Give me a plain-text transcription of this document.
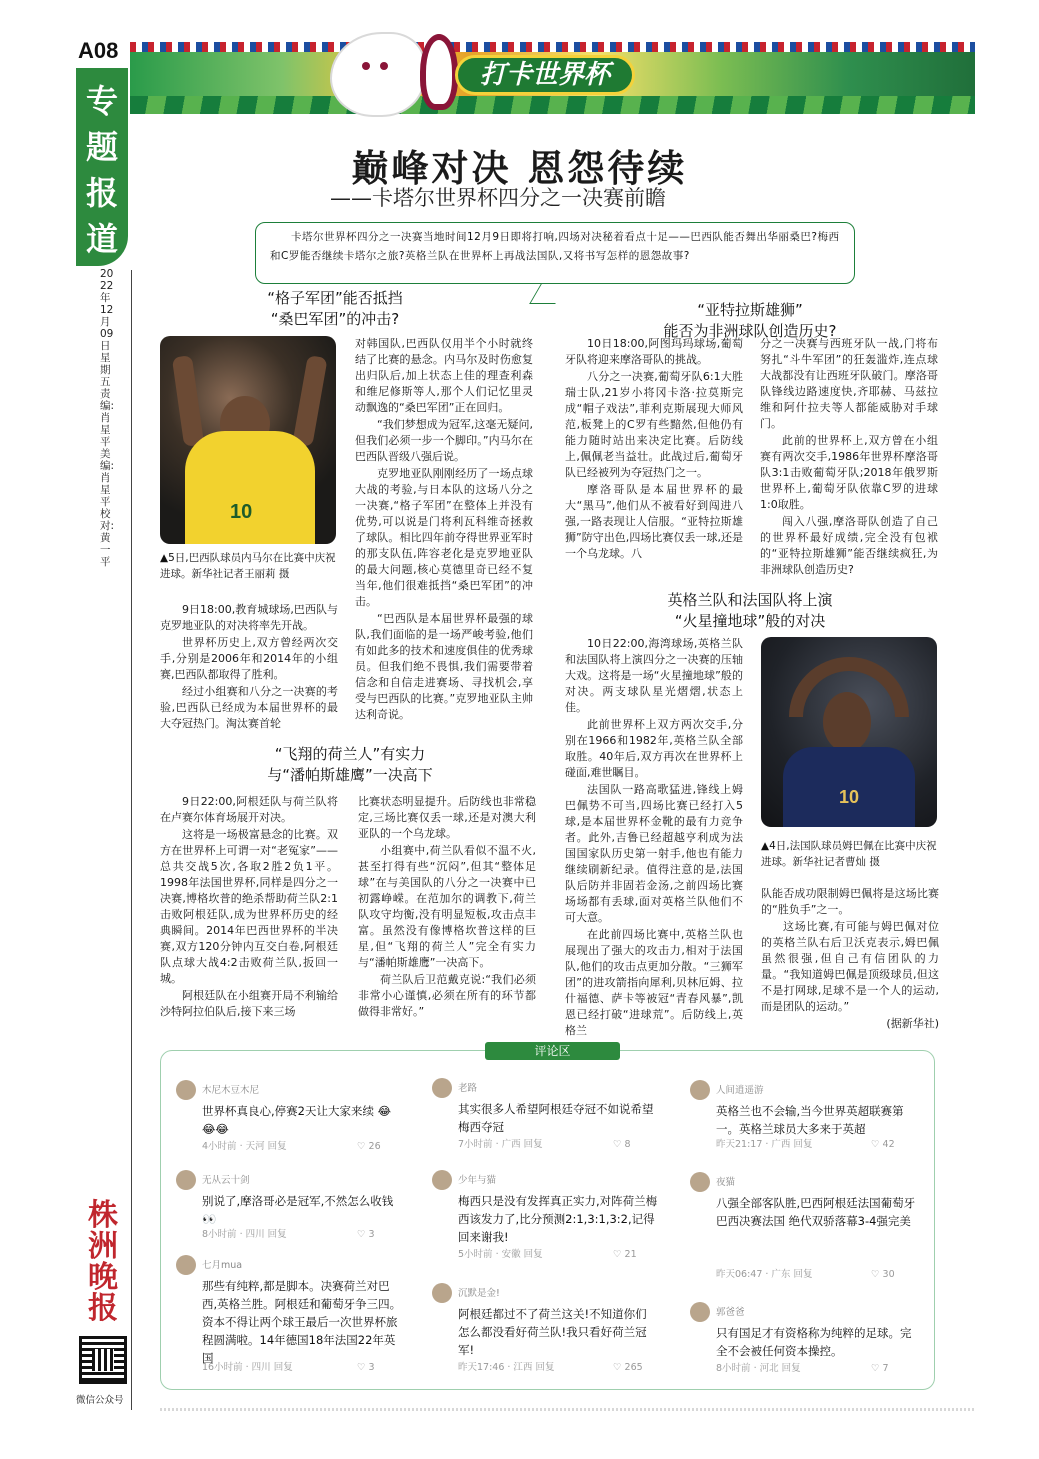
A08
专
题
报
道
2022年12月09日 星期五 责编:肖星平 美编:肖星平 校对:黄一平
打卡世界杯
巅峰对决 恩怨待续
——卡塔尔世界杯四分之一决赛前瞻
卡塔尔世界杯四分之一决赛当地时间12月9日即将打响,四场对决秘着看点十足——巴西队能否舞出华丽桑巴?梅西和C罗能否继续卡塔尔之旅?英格兰队在世界杯上再战法国队,又将书写怎样的恩怨故事?
“格子军团”能否抵挡
“桑巴军团”的冲击?
10
▲5日,巴西队球员内马尔在比赛中庆祝进球。新华社记者王丽莉 摄

9日18:00,教育城球场,巴西队与克罗地亚队的对决将率先开战。

世界杯历史上,双方曾经两次交手,分别是2006年和2014年的小组赛,巴西队都取得了胜利。

经过小组赛和八分之一决赛的考验,巴西队已经成为本届世界杯的最大夺冠热门。淘汰赛首轮

对韩国队,巴西队仅用半个小时就终结了比赛的悬念。内马尔及时伤愈复出归队后,加上状态上佳的理查利森和维尼修斯等人,那个人们记忆里灵动飘逸的“桑巴军团”正在回归。

“我们梦想成为冠军,这毫无疑问,但我们必须一步一个脚印。”内马尔在巴西队晋级八强后说。

克罗地亚队刚刚经历了一场点球大战的考验,与日本队的这场八分之一决赛,“格子军团”在整体上并没有优势,可以说是门将利瓦科维奇拯救了球队。相比四年前夺得世界亚军时的那支队伍,阵容老化是克罗地亚队的最大问题,核心莫德里奇已经不复当年,他们很难抵挡“桑巴军团”的冲击。

“巴西队是本届世界杯最强的球队,我们面临的是一场严峻考验,他们有如此多的技术和速度俱佳的优秀球员。但我们绝不畏惧,我们需要带着信念和自信走进赛场、寻找机会,享受与巴西队的比赛。”克罗地亚队主帅达利奇说。

“飞翔的荷兰人”有实力
与“潘帕斯雄鹰”一决高下

9日22:00,阿根廷队与荷兰队将在卢赛尔体育场展开对决。

这将是一场极富悬念的比赛。双方在世界杯上可谓一对“老冤家”——总共交战5次,各取2胜2负1平。1998年法国世界杯,同样是四分之一决赛,博格坎普的绝杀帮助荷兰队2:1击败阿根廷队,成为世界杯历史的经典瞬间。2014年巴西世界杯的半决赛,双方120分钟内互交白卷,阿根廷队点球大战4:2击败荷兰队,扳回一城。

阿根廷队在小组赛开局不利输给沙特阿拉伯队后,接下来三场

比赛状态明显提升。后防线也非常稳定,三场比赛仅丢一球,还是对澳大利亚队的一个乌龙球。

小组赛中,荷兰队看似不温不火,甚至打得有些“沉闷”,但其“整体足球”在与美国队的八分之一决赛中已初露峥嵘。在范加尔的调教下,荷兰队攻守均衡,没有明显短板,攻击点丰富。虽然没有像博格坎普这样的巨星,但“飞翔的荷兰人”完全有实力与“潘帕斯雄鹰”一决高下。

荷兰队后卫范戴克说:“我们必须非常小心谨慎,必须在所有的环节都做得非常好。”

“亚特拉斯雄狮”
能否为非洲球队创造历史?

10日18:00,阿图玛玛球场,葡萄牙队将迎来摩洛哥队的挑战。

八分之一决赛,葡萄牙队6:1大胜瑞士队,21岁小将冈卡洛·拉莫斯完成“帽子戏法”,菲利克斯展现大师风范,板凳上的C罗有些黯然,但他仍有能力随时站出来决定比赛。后防线上,佩佩老当益壮。此战过后,葡萄牙队已经被列为夺冠热门之一。

摩洛哥队是本届世界杯的最大“黑马”,他们从不被看好到闯进八强,一路表现让人信服。“亚特拉斯雄狮”防守出色,四场比赛仅丢一球,还是一个乌龙球。八

分之一决赛与西班牙队一战,门将布努扎“斗牛军团”的狂轰滥炸,连点球大战都没有让西班牙队破门。摩洛哥队锋线边路速度快,齐耶赫、马兹拉维和阿什拉夫等人都能威胁对手球门。

此前的世界杯上,双方曾在小组赛有两次交手,1986年世界杯摩洛哥队3:1击败葡萄牙队;2018年俄罗斯世界杯上,葡萄牙队依靠C罗的进球1:0取胜。

闯入八强,摩洛哥队创造了自己的世界杯最好成绩,完全没有包袱的“亚特拉斯雄狮”能否继续疯狂,为非洲球队创造历史?

英格兰队和法国队将上演
“火星撞地球”般的对决

10日22:00,海湾球场,英格兰队和法国队将上演四分之一决赛的压轴大戏。这将是一场“火星撞地球”般的对决。两支球队星光熠熠,状态上佳。

此前世界杯上双方两次交手,分别在1966和1982年,英格兰队全部取胜。40年后,双方再次在世界杯上碰面,难世瞩目。

法国队一路高歌猛进,锋线上姆巴佩势不可当,四场比赛已经打入5球,是本届世界杯金靴的最有力竞争者。此外,吉鲁已经超越亨利成为法国国家队历史第一射手,他也有能力继续刷新纪录。值得注意的是,法国队后防并非固若金汤,之前四场比赛场场都有丢球,面对英格兰队他们不可大意。

在此前四场比赛中,英格兰队也展现出了强大的攻击力,相对于法国队,他们的攻击点更加分散。“三狮军团”的进攻箭指向犀利,贝林厄姆、拉什福德、萨卡等被冠“青春风暴”,凯恩已经打破“进球荒”。后防线上,英格兰

10
▲4日,法国队球员姆巴佩在比赛中庆祝进球。新华社记者曹灿 摄

队能否成功限制姆巴佩将是这场比赛的“胜负手”之一。

这场比赛,有可能与姆巴佩对位的英格兰队右后卫沃克表示,姆巴佩虽然很强,但自己有信团队的力量。“我知道姆巴佩是顶级球员,但这不是打网球,足球不是一个人的运动,而是团队的运动。”

(据新华社)

评论区
木尼木豆木尼
世界杯真良心,停赛2天让大家来续 😂😂😂
4小时前 · 天河 回复	♡ 26
无从云十剑
别说了,摩洛哥必是冠军,不然怎么收钱👀
8小时前 · 四川 回复	♡ 3
七月mua
那些有纯粹,都是脚本。决赛荷兰对巴西,英格兰胜。阿根廷和葡萄牙争三四。资本不得让两个球王最后一次世界杯旅程圆满啦。14年德国18年法国22年英国
16小时前 · 四川 回复	♡ 3
老路
其实很多人希望阿根廷夺冠不如说希望梅西夺冠
7小时前 · 广西 回复	♡ 8
少年与猫
梅西只是没有发挥真正实力,对阵荷兰梅西该发力了,比分预测2:1,3:1,3:2,记得回来谢我!
5小时前 · 安徽 回复	♡ 21
沉默是金!
阿根廷都过不了荷兰这关!不知道你们怎么都没看好荷兰队!我只看好荷兰冠军!
昨天17:46 · 江西 回复	♡ 265
人间逍遥游
英格兰也不会输,当今世界英超联赛第一。英格兰球员大多来于英超
昨天21:17 · 广西 回复	♡ 42
夜猫
八强全部客队胜,巴西阿根廷法国葡萄牙 巴西决赛法国 绝代双骄落幕3-4强完美
昨天06:47 · 广东 回复	♡ 30
郭爸爸
只有国足才有资格称为纯粹的足球。完全不会被任何资本操控。
8小时前 · 河北 回复	♡ 7
株
洲
晚
报
微信公众号
